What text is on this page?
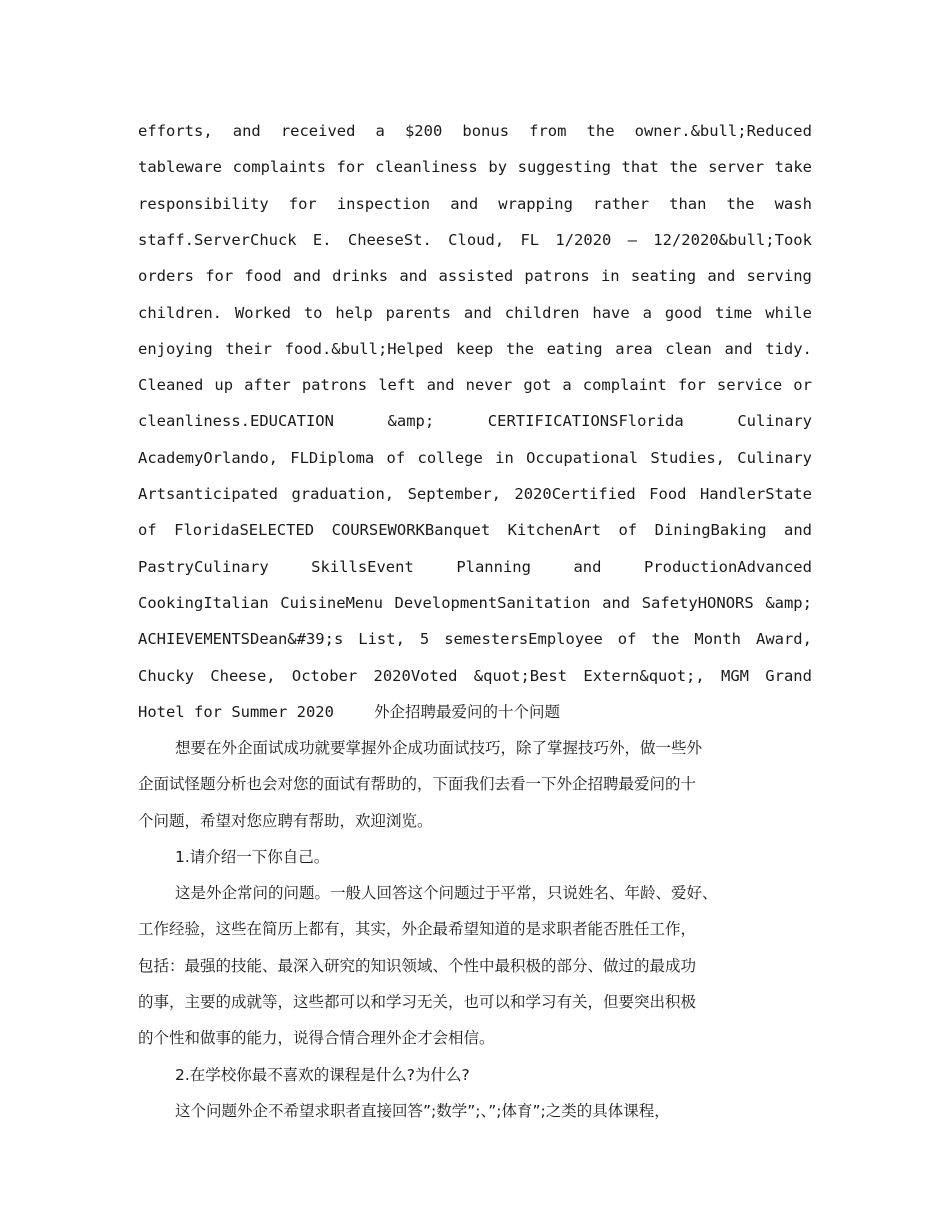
efforts, and received a $200 bonus from the owner.&bull;Reduced
tableware complaints for cleanliness by suggesting that the server take
responsibility for inspection and wrapping rather than the wash
staff.ServerChuck E. CheeseSt. Cloud, FL 1/2020 – 12/2020&bull;Took
orders for food and drinks and assisted patrons in seating and serving
children. Worked to help parents and children have a good time while
enjoying their food.&bull;Helped keep the eating area clean and tidy.
Cleaned up after patrons left and never got a complaint for service or
cleanliness.EDUCATION	&amp;	CERTIFICATIONSFlorida	Culinary
AcademyOrlando, FLDiploma of college in Occupational Studies, Culinary
Artsanticipated graduation, September, 2020Certified Food HandlerState
of FloridaSELECTED COURSEWORKBanquet KitchenArt of DiningBaking and
PastryCulinary	SkillsEvent	Planning	and	ProductionAdvanced
CookingItalian CuisineMenu DevelopmentSanitation and SafetyHONORS &amp;
ACHIEVEMENTSDean&#39;s List, 5 semestersEmployee of the Month Award,
Chucky Cheese, October 2020Voted &quot;Best Extern&quot;, MGM Grand
Hotel for Summer 2020	外企招聘最爱问的十个问题
想要在外企面试成功就要掌握外企成功面试技巧，除了掌握技巧外，做一些外
企面试怪题分析也会对您的面试有帮助的，下面我们去看一下外企招聘最爱问的十
个问题，希望对您应聘有帮助，欢迎浏览。
1.请介绍一下你自己。
这是外企常问的问题。一般人回答这个问题过于平常，只说姓名、年龄、爱好、
工作经验，这些在简历上都有，其实，外企最希望知道的是求职者能否胜任工作，
包括：最强的技能、最深入研究的知识领域、个性中最积极的部分、做过的最成功
的事，主要的成就等，这些都可以和学习无关，也可以和学习有关，但要突出积极
的个性和做事的能力，说得合情合理外企才会相信。
2.在学校你最不喜欢的课程是什么?为什么?
这个问题外企不希望求职者直接回答”;数学”;、”;体育”;之类的具体课程，
